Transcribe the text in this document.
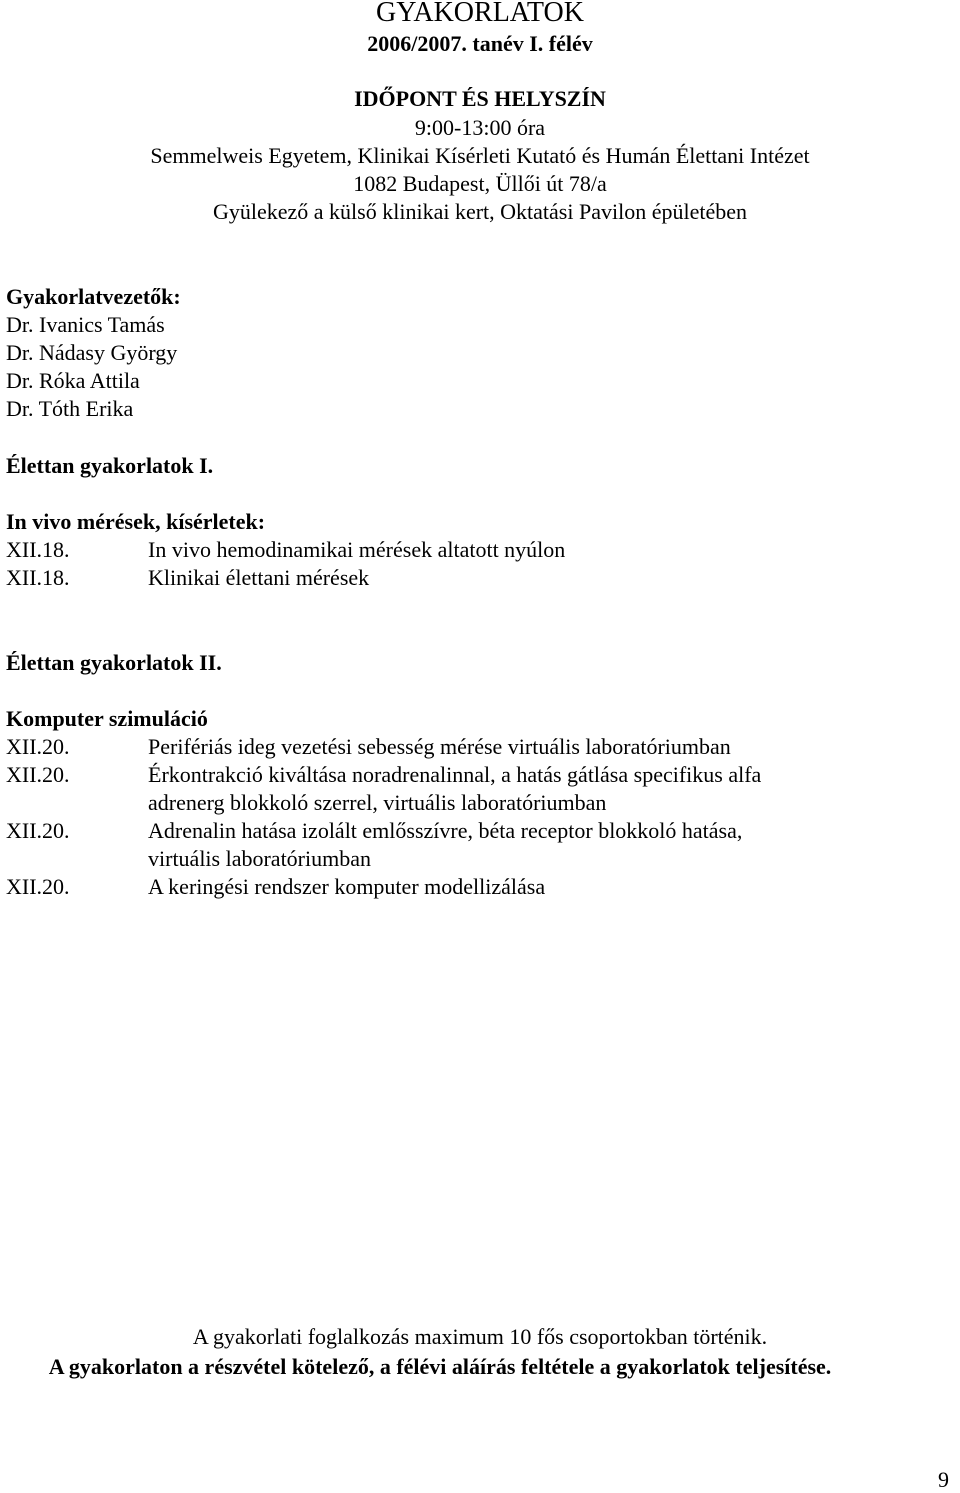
GYAKORLATOK
2006/2007. tanév I. félév
IDŐPONT ÉS HELYSZÍN
9:00-13:00 óra
Semmelweis Egyetem, Klinikai Kísérleti Kutató és Humán Élettani Intézet
1082 Budapest, Üllői út 78/a
Gyülekező a külső klinikai kert, Oktatási Pavilon épületében
Gyakorlatvezetők:
Dr. Ivanics Tamás
Dr. Nádasy György
Dr. Róka Attila
Dr. Tóth Erika
Élettan gyakorlatok I.
In vivo mérések, kísérletek:
XII.18.	In vivo hemodinamikai mérések altatott nyúlon
XII.18.	Klinikai élettani mérések
Élettan gyakorlatok II.
Komputer szimuláció
XII.20.	Perifériás ideg vezetési sebesség mérése virtuális laboratóriumban
XII.20.	Érkontrakció kiváltása noradrenalinnal, a hatás gátlása specifikus alfa
adrenerg blokkoló szerrel, virtuális laboratóriumban
XII.20.	Adrenalin hatása izolált emlősszívre, béta receptor blokkoló hatása,
virtuális laboratóriumban
XII.20.	A keringési rendszer komputer modellizálása
A gyakorlati foglalkozás maximum 10 fős csoportokban történik.
A gyakorlaton a részvétel kötelező, a félévi aláírás feltétele a gyakorlatok teljesítése.
9
